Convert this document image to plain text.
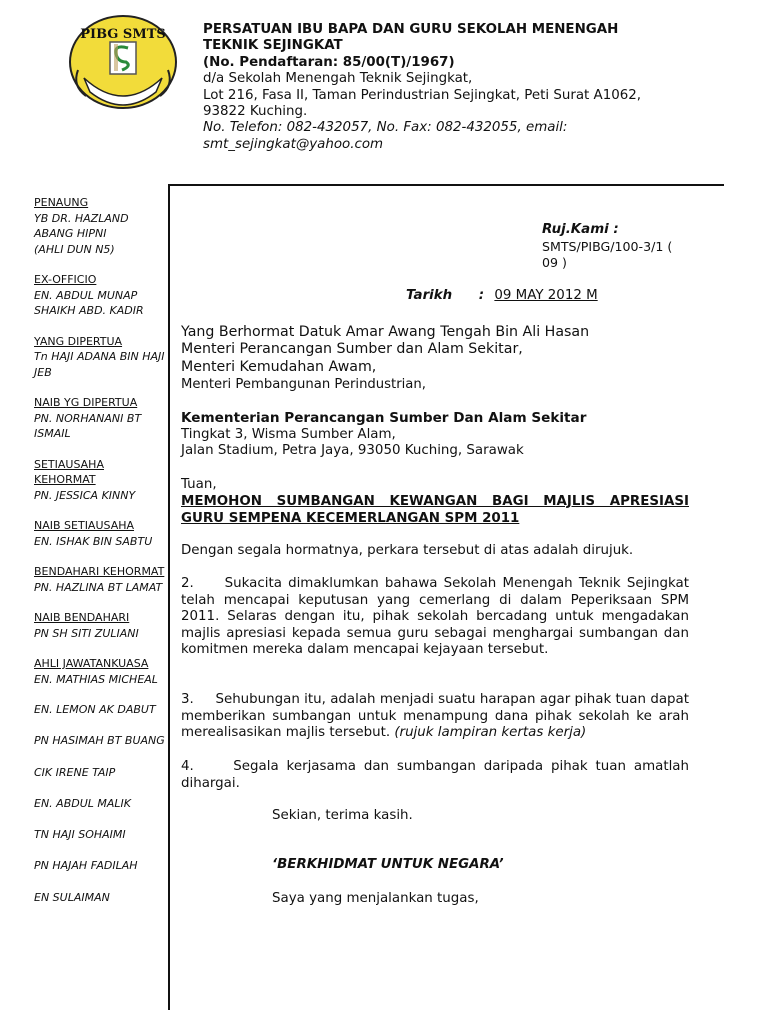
PIBG SMTS	PERSATUAN IBU BAPA DAN GURU SEKOLAH MENENGAH
TEKNIK SEJINGKAT
(No. Pendaftaran: 85/00(T)/1967)
d/a Sekolah Menengah Teknik Sejingkat,
Lot 216, Fasa II, Taman Perindustrian Sejingkat, Peti Surat A1062,
93822 Kuching.
No. Telefon: 082-432057, No. Fax: 082-432055, email:
smt_sejingkat@yahoo.com
PENAUNG
YB DR. HAZLAND
ABANG HIPNI
(AHLI DUN N5)
EX-OFFICIO
EN. ABDUL MUNAP
SHAIKH ABD. KADIR
YANG DIPERTUA
Tn HAJI ADANA BIN HAJI
JEB
NAIB YG DIPERTUA
PN. NORHANANI BT
ISMAIL
SETIAUSAHA KEHORMAT
PN. JESSICA KINNY
NAIB SETIAUSAHA
EN. ISHAK BIN SABTU
BENDAHARI KEHORMAT
PN. HAZLINA BT LAMAT
NAIB BENDAHARI
PN SH SITI ZULIANI
AHLI JAWATANKUASA
EN. MATHIAS MICHEAL
EN. LEMON AK DABUT
PN HASIMAH BT BUANG
CIK IRENE TAIP
EN. ABDUL MALIK
TN HAJI SOHAIMI
PN HAJAH FADILAH
EN SULAIMAN
Ruj.Kami :
SMTS/PIBG/100-3/1 (
09 )
Tarikh : 09 MAY 2012 M
Yang Berhormat Datuk Amar Awang Tengah Bin Ali Hasan
Menteri Perancangan Sumber dan Alam Sekitar,
Menteri Kemudahan Awam,
Menteri Pembangunan Perindustrian,
Kementerian Perancangan Sumber Dan Alam Sekitar
Tingkat 3, Wisma Sumber Alam,
Jalan Stadium, Petra Jaya, 93050 Kuching, Sarawak
Tuan,
MEMOHON SUMBANGAN KEWANGAN BAGI MAJLIS APRESIASI
GURU SEMPENA KECEMERLANGAN SPM 2011
Dengan segala hormatnya, perkara tersebut di atas adalah dirujuk.
2.     Sukacita dimaklumkan bahawa Sekolah Menengah Teknik Sejingkat telah mencapai keputusan yang cemerlang di dalam Peperiksaan SPM 2011. Selaras dengan itu, pihak sekolah bercadang untuk mengadakan majlis apresiasi kepada semua guru sebagai menghargai sumbangan dan komitmen mereka dalam mencapai kejayaan tersebut.
3.     Sehubungan itu, adalah menjadi suatu harapan agar pihak tuan dapat memberikan sumbangan untuk menampung dana pihak sekolah ke arah merealisasikan majlis tersebut. (rujuk lampiran kertas kerja)
4.     Segala kerjasama dan sumbangan daripada pihak tuan amatlah dihargai.
Sekian, terima kasih.
‘BERKHIDMAT UNTUK NEGARA’
Saya yang menjalankan tugas,
